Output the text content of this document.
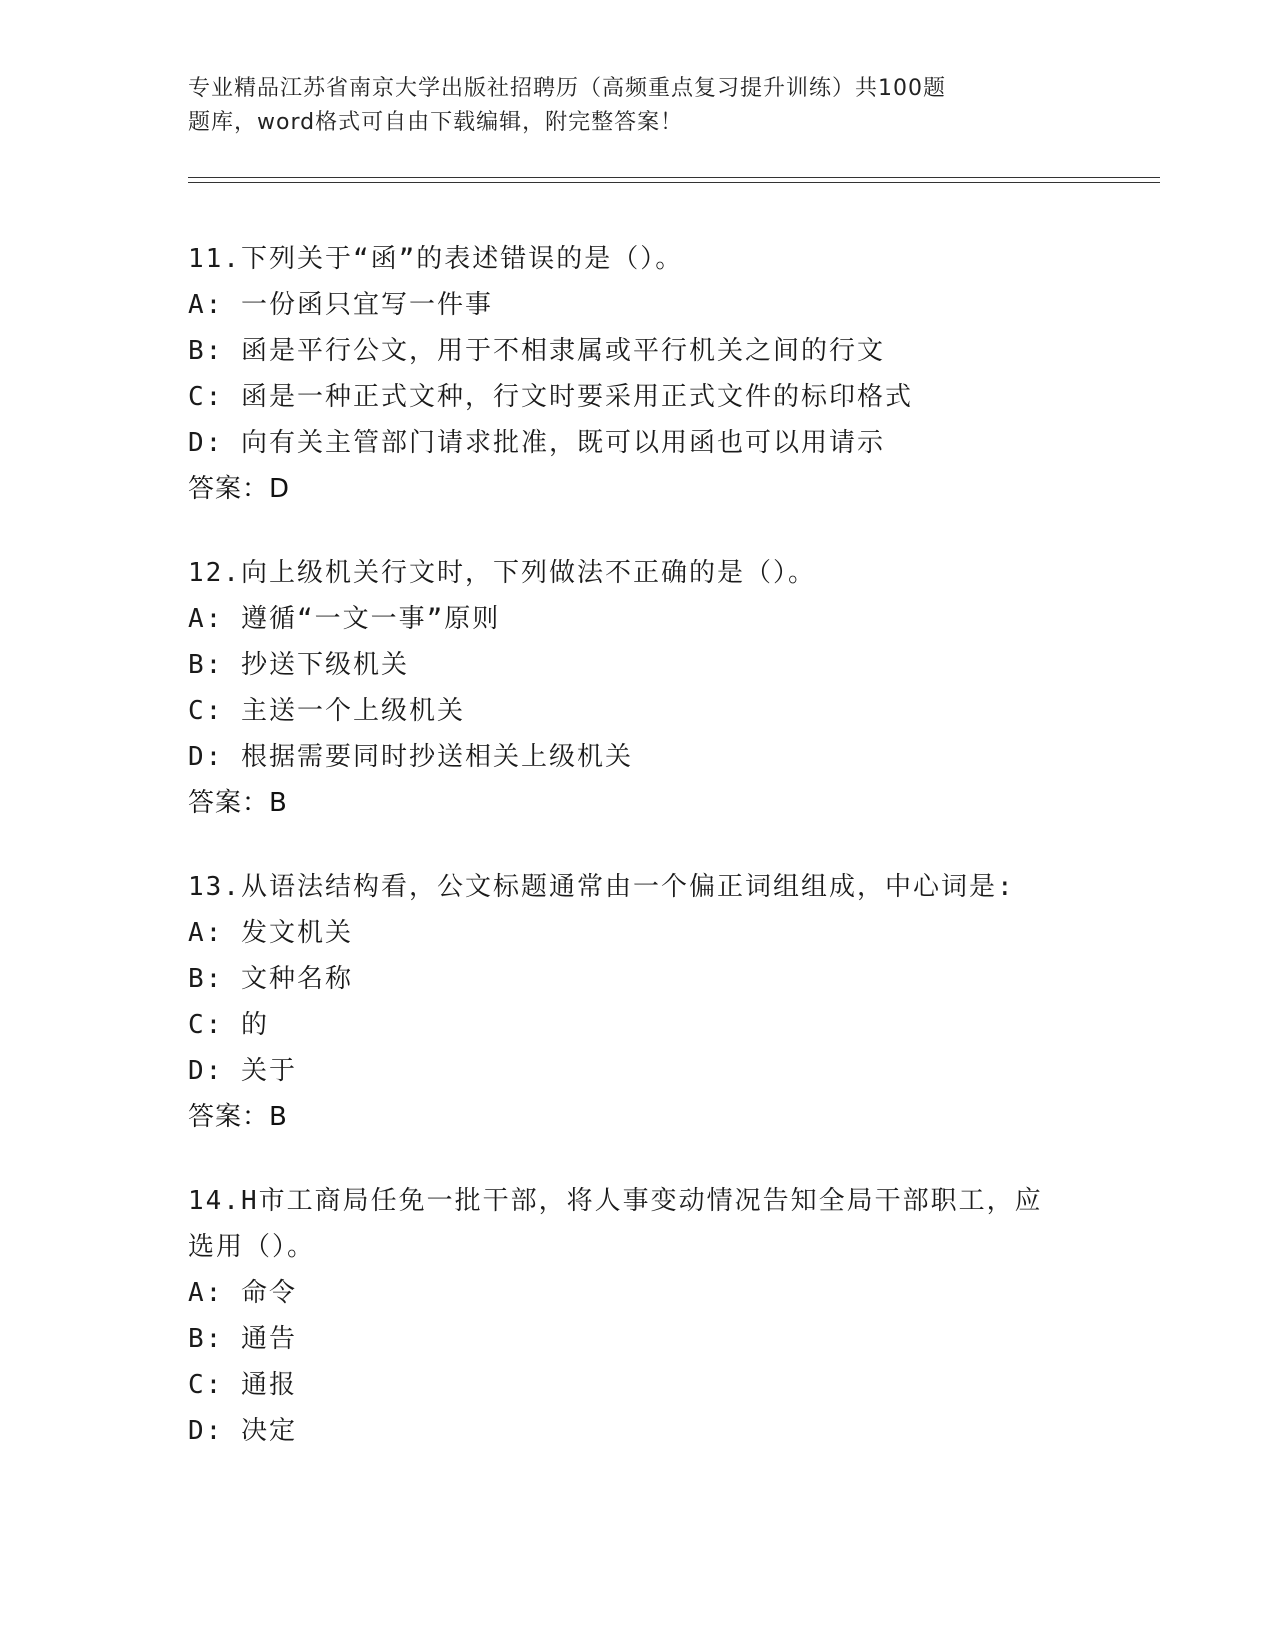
专业精品江苏省南京大学出版社招聘历（高频重点复习提升训练）共100题
题库，word格式可自由下载编辑，附完整答案！
11.下列关于“函”的表述错误的是（）。
A: 一份函只宜写一件事
B: 函是平行公文，用于不相隶属或平行机关之间的行文
C: 函是一种正式文种，行文时要采用正式文件的标印格式
D: 向有关主管部门请求批准，既可以用函也可以用请示
答案：D
12.向上级机关行文时，下列做法不正确的是（）。
A: 遵循“一文一事”原则
B: 抄送下级机关
C: 主送一个上级机关
D: 根据需要同时抄送相关上级机关
答案：B
13.从语法结构看，公文标题通常由一个偏正词组组成，中心词是:
A: 发文机关
B: 文种名称
C: 的
D: 关于
答案：B
14.H市工商局任免一批干部，将人事变动情况告知全局干部职工，应
选用（）。
A: 命令
B: 通告
C: 通报
D: 决定
